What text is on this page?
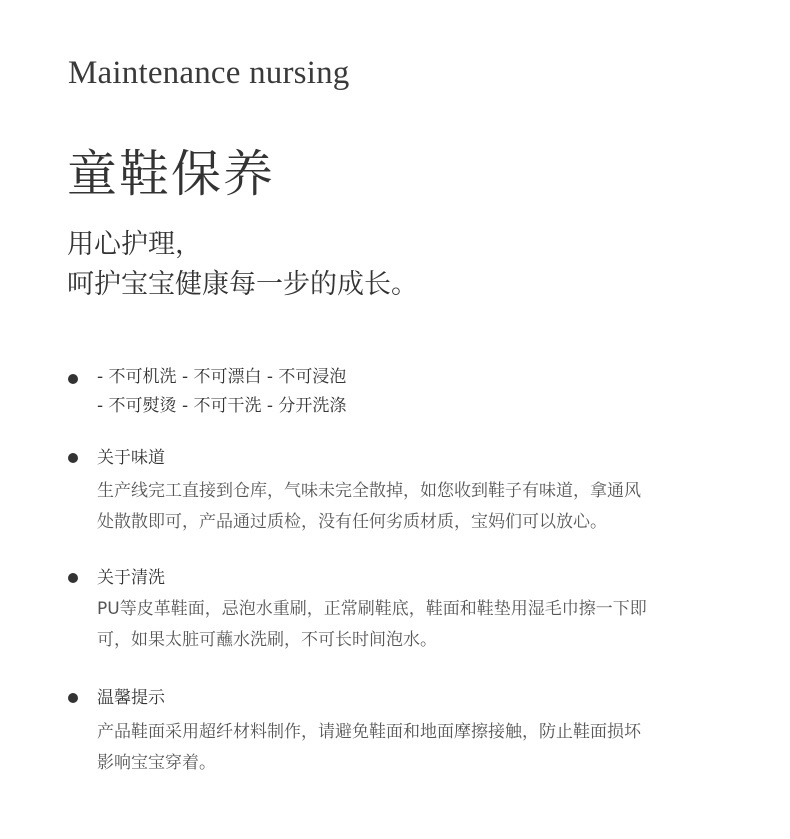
Maintenance nursing
童鞋保养
用心护理，
呵护宝宝健康每一步的成长。
- 不可机洗 - 不可漂白 - 不可浸泡
- 不可熨烫 - 不可干洗 - 分开洗涤
关于味道
生产线完工直接到仓库，气味未完全散掉，如您收到鞋子有味道，拿通风
处散散即可，产品通过质检，没有任何劣质材质，宝妈们可以放心。
关于清洗
PU等皮革鞋面，忌泡水重刷，正常刷鞋底，鞋面和鞋垫用湿毛巾擦一下即
可，如果太脏可蘸水洗刷，不可长时间泡水。
温馨提示
产品鞋面采用超纤材料制作，请避免鞋面和地面摩擦接触，防止鞋面损坏
影响宝宝穿着。
